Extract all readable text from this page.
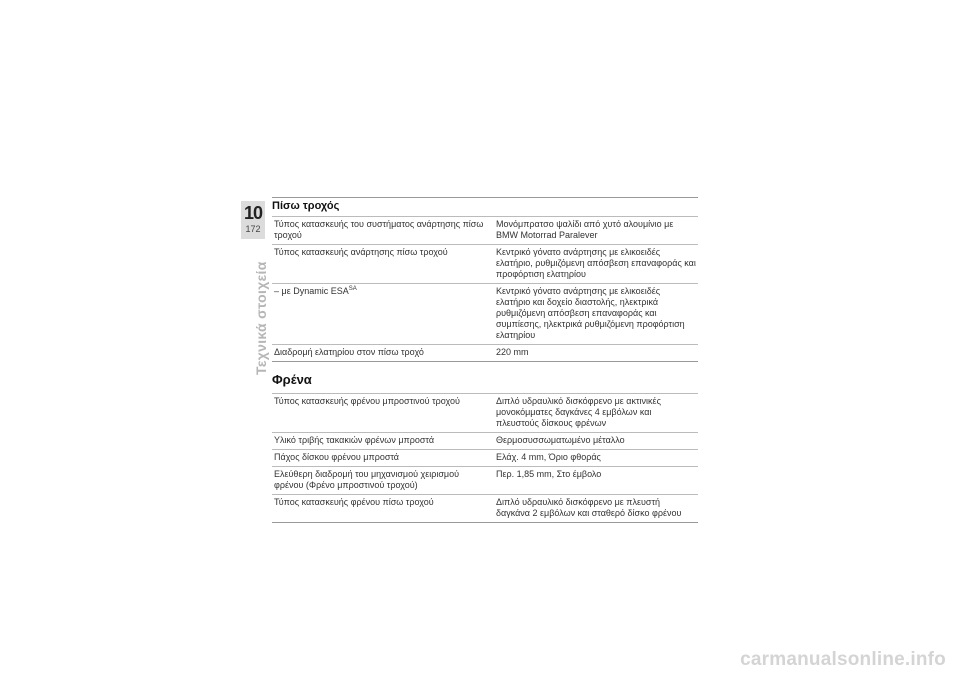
10
172
Τεχνικά στοιχεία
Πίσω τροχός
Τύπος κατασκευής του συστήματος ανάρτησης πίσω τροχού	Μονόμπρατσο ψαλίδι από χυτό αλουμίνιο με BMW Motorrad Paralever
Τύπος κατασκευής ανάρτησης πίσω τροχού	Κεντρικό γόνατο ανάρτησης με ελικοειδές ελατήριο, ρυθμιζόμενη απόσβεση επαναφοράς και προφόρτιση ελατηρίου
– με Dynamic $ESA^{SA}$	Κεντρικό γόνατο ανάρτησης με ελικοειδές ελατήριο και δοχείο διαστολής, ηλεκτρικά ρυθμιζόμενη απόσβεση επαναφοράς και συμπίεσης, ηλεκτρικά ρυθμιζόμενη προφόρτιση ελατηρίου
Διαδρομή ελατηρίου στον πίσω τροχό	220 mm
Φρένα
Τύπος κατασκευής φρένου μπροστινού τροχού	Διπλό υδραυλικό δισκόφρενο με ακτινικές μονοκόμματες δαγκάνες 4 εμβόλων και πλευστούς δίσκους φρένων
Υλικό τριβής τακακιών φρένων μπροστά	Θερμοσυσσωματωμένο μέταλλο
Πάχος δίσκου φρένου μπροστά	Ελάχ. 4 mm, Όριο φθοράς
Ελεύθερη διαδρομή του μηχανισμού χειρισμού φρένου (Φρένο μπροστινού τροχού)	Περ. 1,85 mm, Στο έμβολο
Τύπος κατασκευής φρένου πίσω τροχού	Διπλό υδραυλικό δισκόφρενο με πλευστή δαγκάνα 2 εμβόλων και σταθερό δίσκο φρένου
carmanualsonline.info
